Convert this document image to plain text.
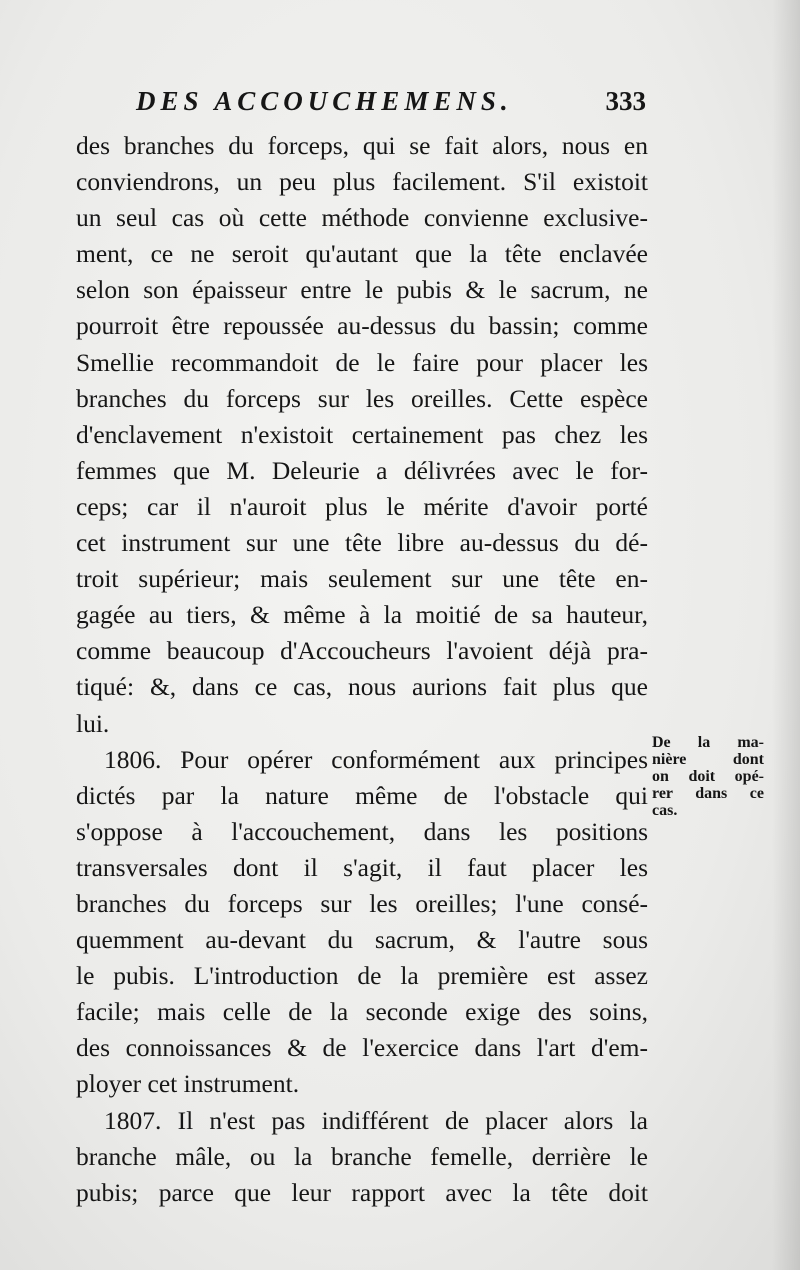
DES ACCOUCHEMENS.	333
des branches du forceps, qui se fait alors, nous en
conviendrons, un peu plus facilement. S'il existoit
un seul cas où cette méthode convienne exclusive-
ment, ce ne seroit qu'autant que la tête enclavée
selon son épaisseur entre le pubis & le sacrum, ne
pourroit être repoussée au-dessus du bassin; comme
Smellie recommandoit de le faire pour placer les
branches du forceps sur les oreilles. Cette espèce
d'enclavement n'existoit certainement pas chez les
femmes que M. Deleurie a délivrées avec le for-
ceps; car il n'auroit plus le mérite d'avoir porté
cet instrument sur une tête libre au-dessus du dé-
troit supérieur; mais seulement sur une tête en-
gagée au tiers, & même à la moitié de sa hauteur,
comme beaucoup d'Accoucheurs l'avoient déjà pra-
tiqué: &, dans ce cas, nous aurions fait plus que
lui.
1806. Pour opérer conformément aux principes
dictés par la nature même de l'obstacle qui
s'oppose à l'accouchement, dans les positions
transversales dont il s'agit, il faut placer les
branches du forceps sur les oreilles; l'une consé-
quemment au-devant du sacrum, & l'autre sous
le pubis. L'introduction de la première est assez
facile; mais celle de la seconde exige des soins,
des connoissances & de l'exercice dans l'art d'em-
ployer cet instrument.
1807. Il n'est pas indifférent de placer alors la
branche mâle, ou la branche femelle, derrière le
pubis; parce que leur rapport avec la tête doit
De la ma-
nière dont
on doit opé-
rer dans ce
cas.
